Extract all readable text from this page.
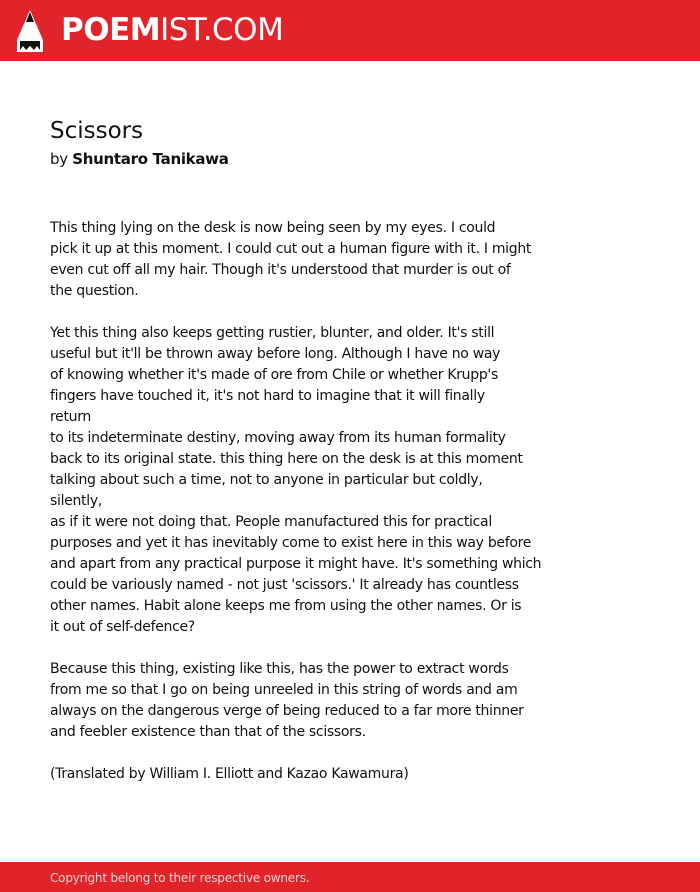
POEMIST.COM
Scissors
by Shuntaro Tanikawa

This thing lying on the desk is now being seen by my eyes. I could
pick it up at this moment. I could cut out a human figure with it. I might
even cut off all my hair. Though it's understood that murder is out of
the question.

Yet this thing also keeps getting rustier, blunter, and older. It's still
useful but it'll be thrown away before long. Although I have no way
of knowing whether it's made of ore from Chile or whether Krupp's
fingers have touched it, it's not hard to imagine that it will finally
return
to its indeterminate destiny, moving away from its human formality
back to its original state. this thing here on the desk is at this moment
talking about such a time, not to anyone in particular but coldly,
silently,
as if it were not doing that. People manufactured this for practical
purposes and yet it has inevitably come to exist here in this way before
and apart from any practical purpose it might have. It's something which
could be variously named - not just 'scissors.' It already has countless
other names. Habit alone keeps me from using the other names. Or is
it out of self-defence?

Because this thing, existing like this, has the power to extract words
from me so that I go on being unreeled in this string of words and am
always on the dangerous verge of being reduced to a far more thinner
and feebler existence than that of the scissors.

(Translated by William I. Elliott and Kazao Kawamura)

Copyright belong to their respective owners.
